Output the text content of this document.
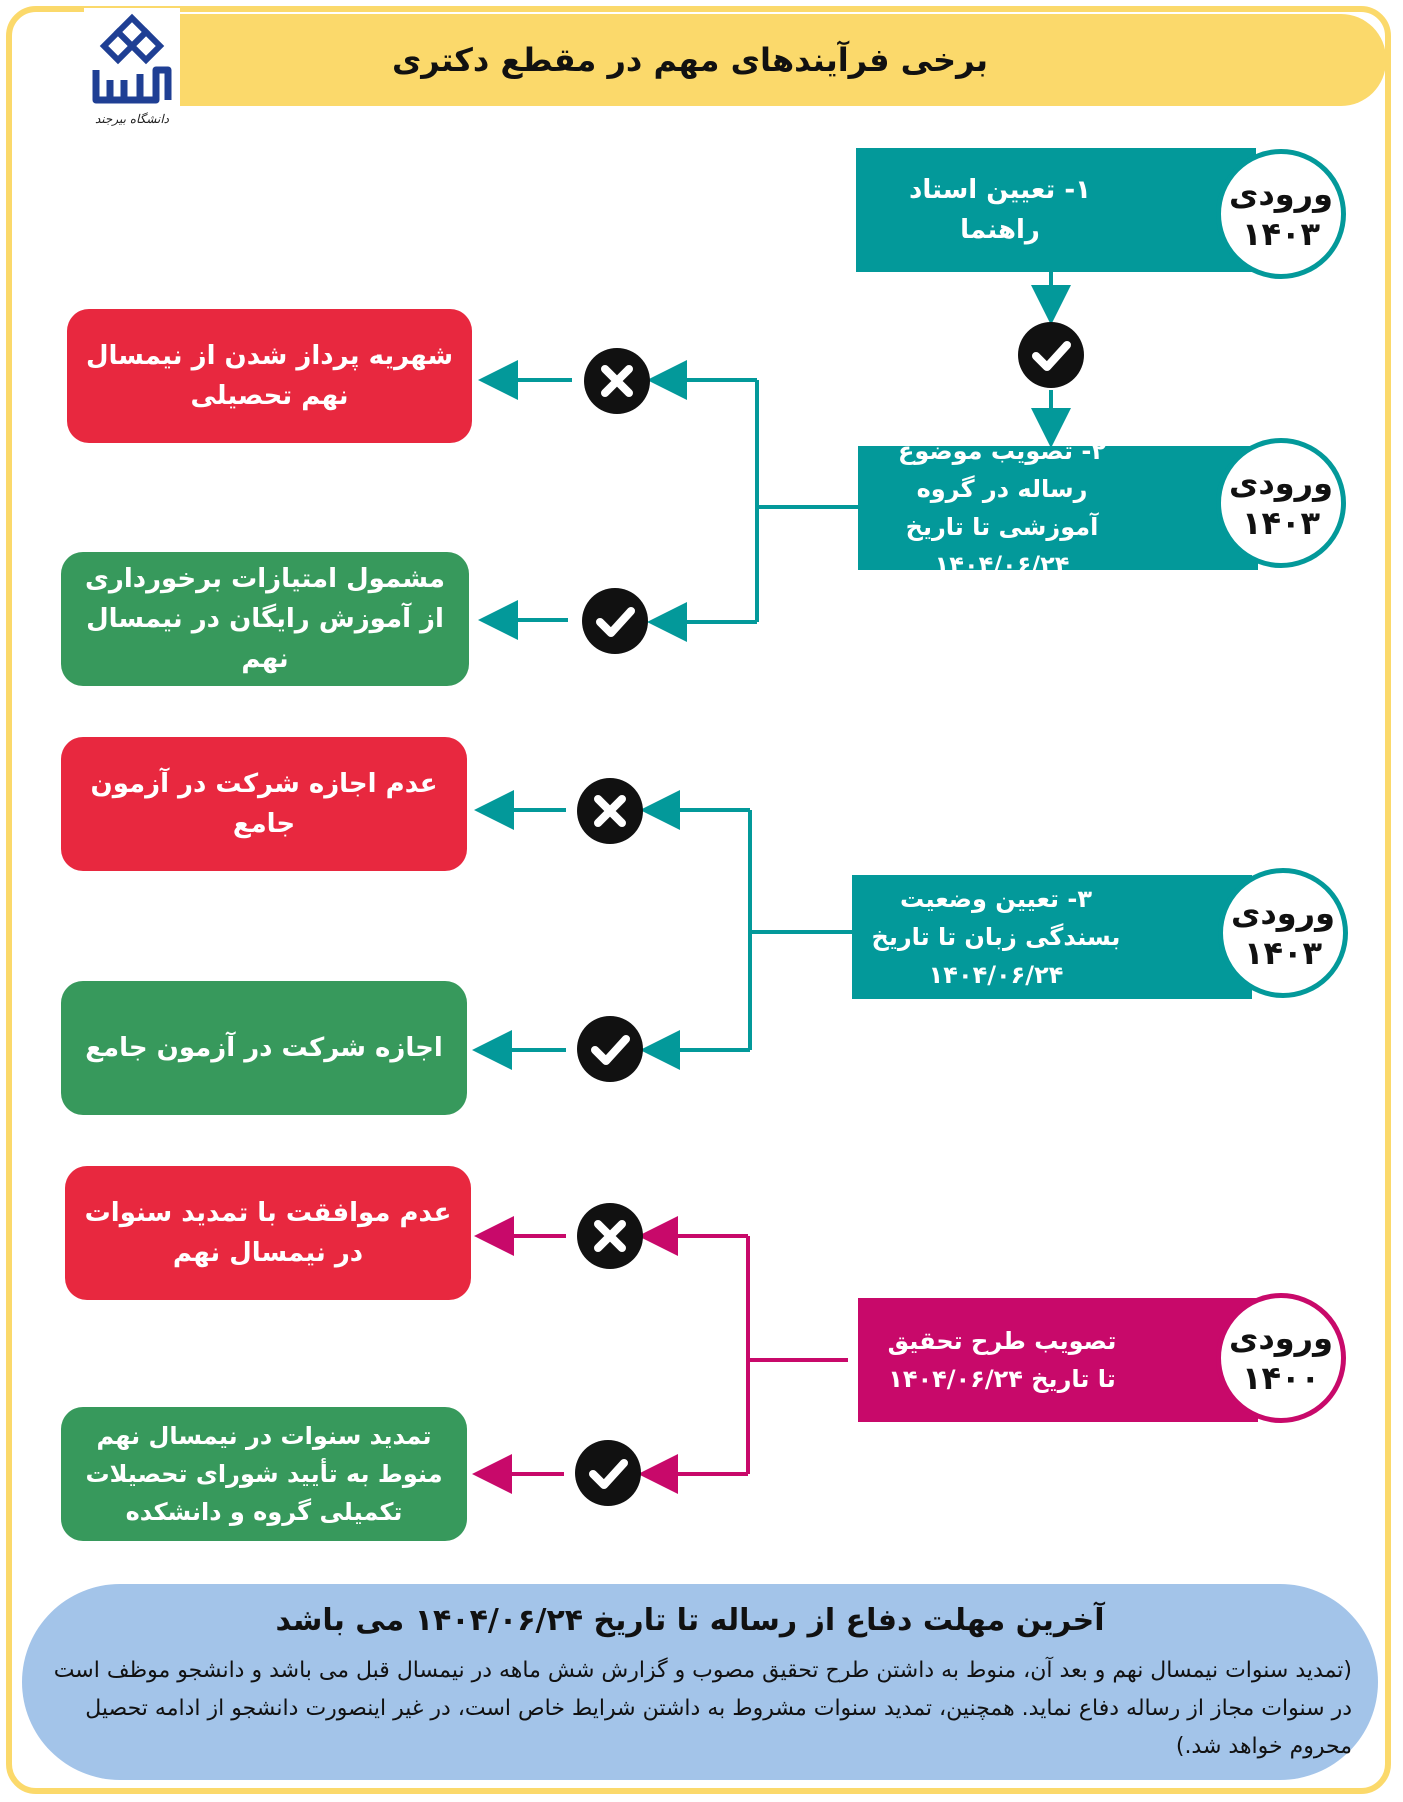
برخی فرآیندهای مهم در مقطع دکتری
دانشگاه بیرجند
۱- تعیین استاد راهنما
ورودی
۱۴۰۳
۲- تصویب موضوع رساله در گروه آموزشی تا تاریخ ۱۴۰۴/۰۶/۲۴
ورودی
۱۴۰۳
شهریه پرداز شدن از نیمسال نهم تحصیلی
مشمول امتیازات برخورداری از آموزش رایگان در نیمسال نهم
۳- تعیین وضعیت بسندگی زبان تا تاریخ ۱۴۰۴/۰۶/۲۴
ورودی
۱۴۰۳
عدم اجازه شرکت در آزمون جامع
اجازه شرکت در آزمون جامع
تصویب طرح تحقیق تا تاریخ ۱۴۰۴/۰۶/۲۴
ورودی
۱۴۰۰
عدم موافقت با تمدید سنوات در نیمسال نهم
تمدید سنوات در نیمسال نهم منوط به تأیید شورای تحصیلات تکمیلی گروه و دانشکده
آخرین مهلت دفاع از رساله تا تاریخ ۱۴۰۴/۰۶/۲۴ می باشد
(تمدید سنوات نیمسال نهم و بعد آن، منوط به داشتن طرح تحقیق مصوب و گزارش شش ماهه در نیمسال قبل می باشد و دانشجو موظف است در سنوات مجاز از رساله دفاع نماید. همچنین، تمدید سنوات مشروط به داشتن شرایط خاص است، در غیر اینصورت دانشجو از ادامه تحصیل محروم خواهد شد.)
